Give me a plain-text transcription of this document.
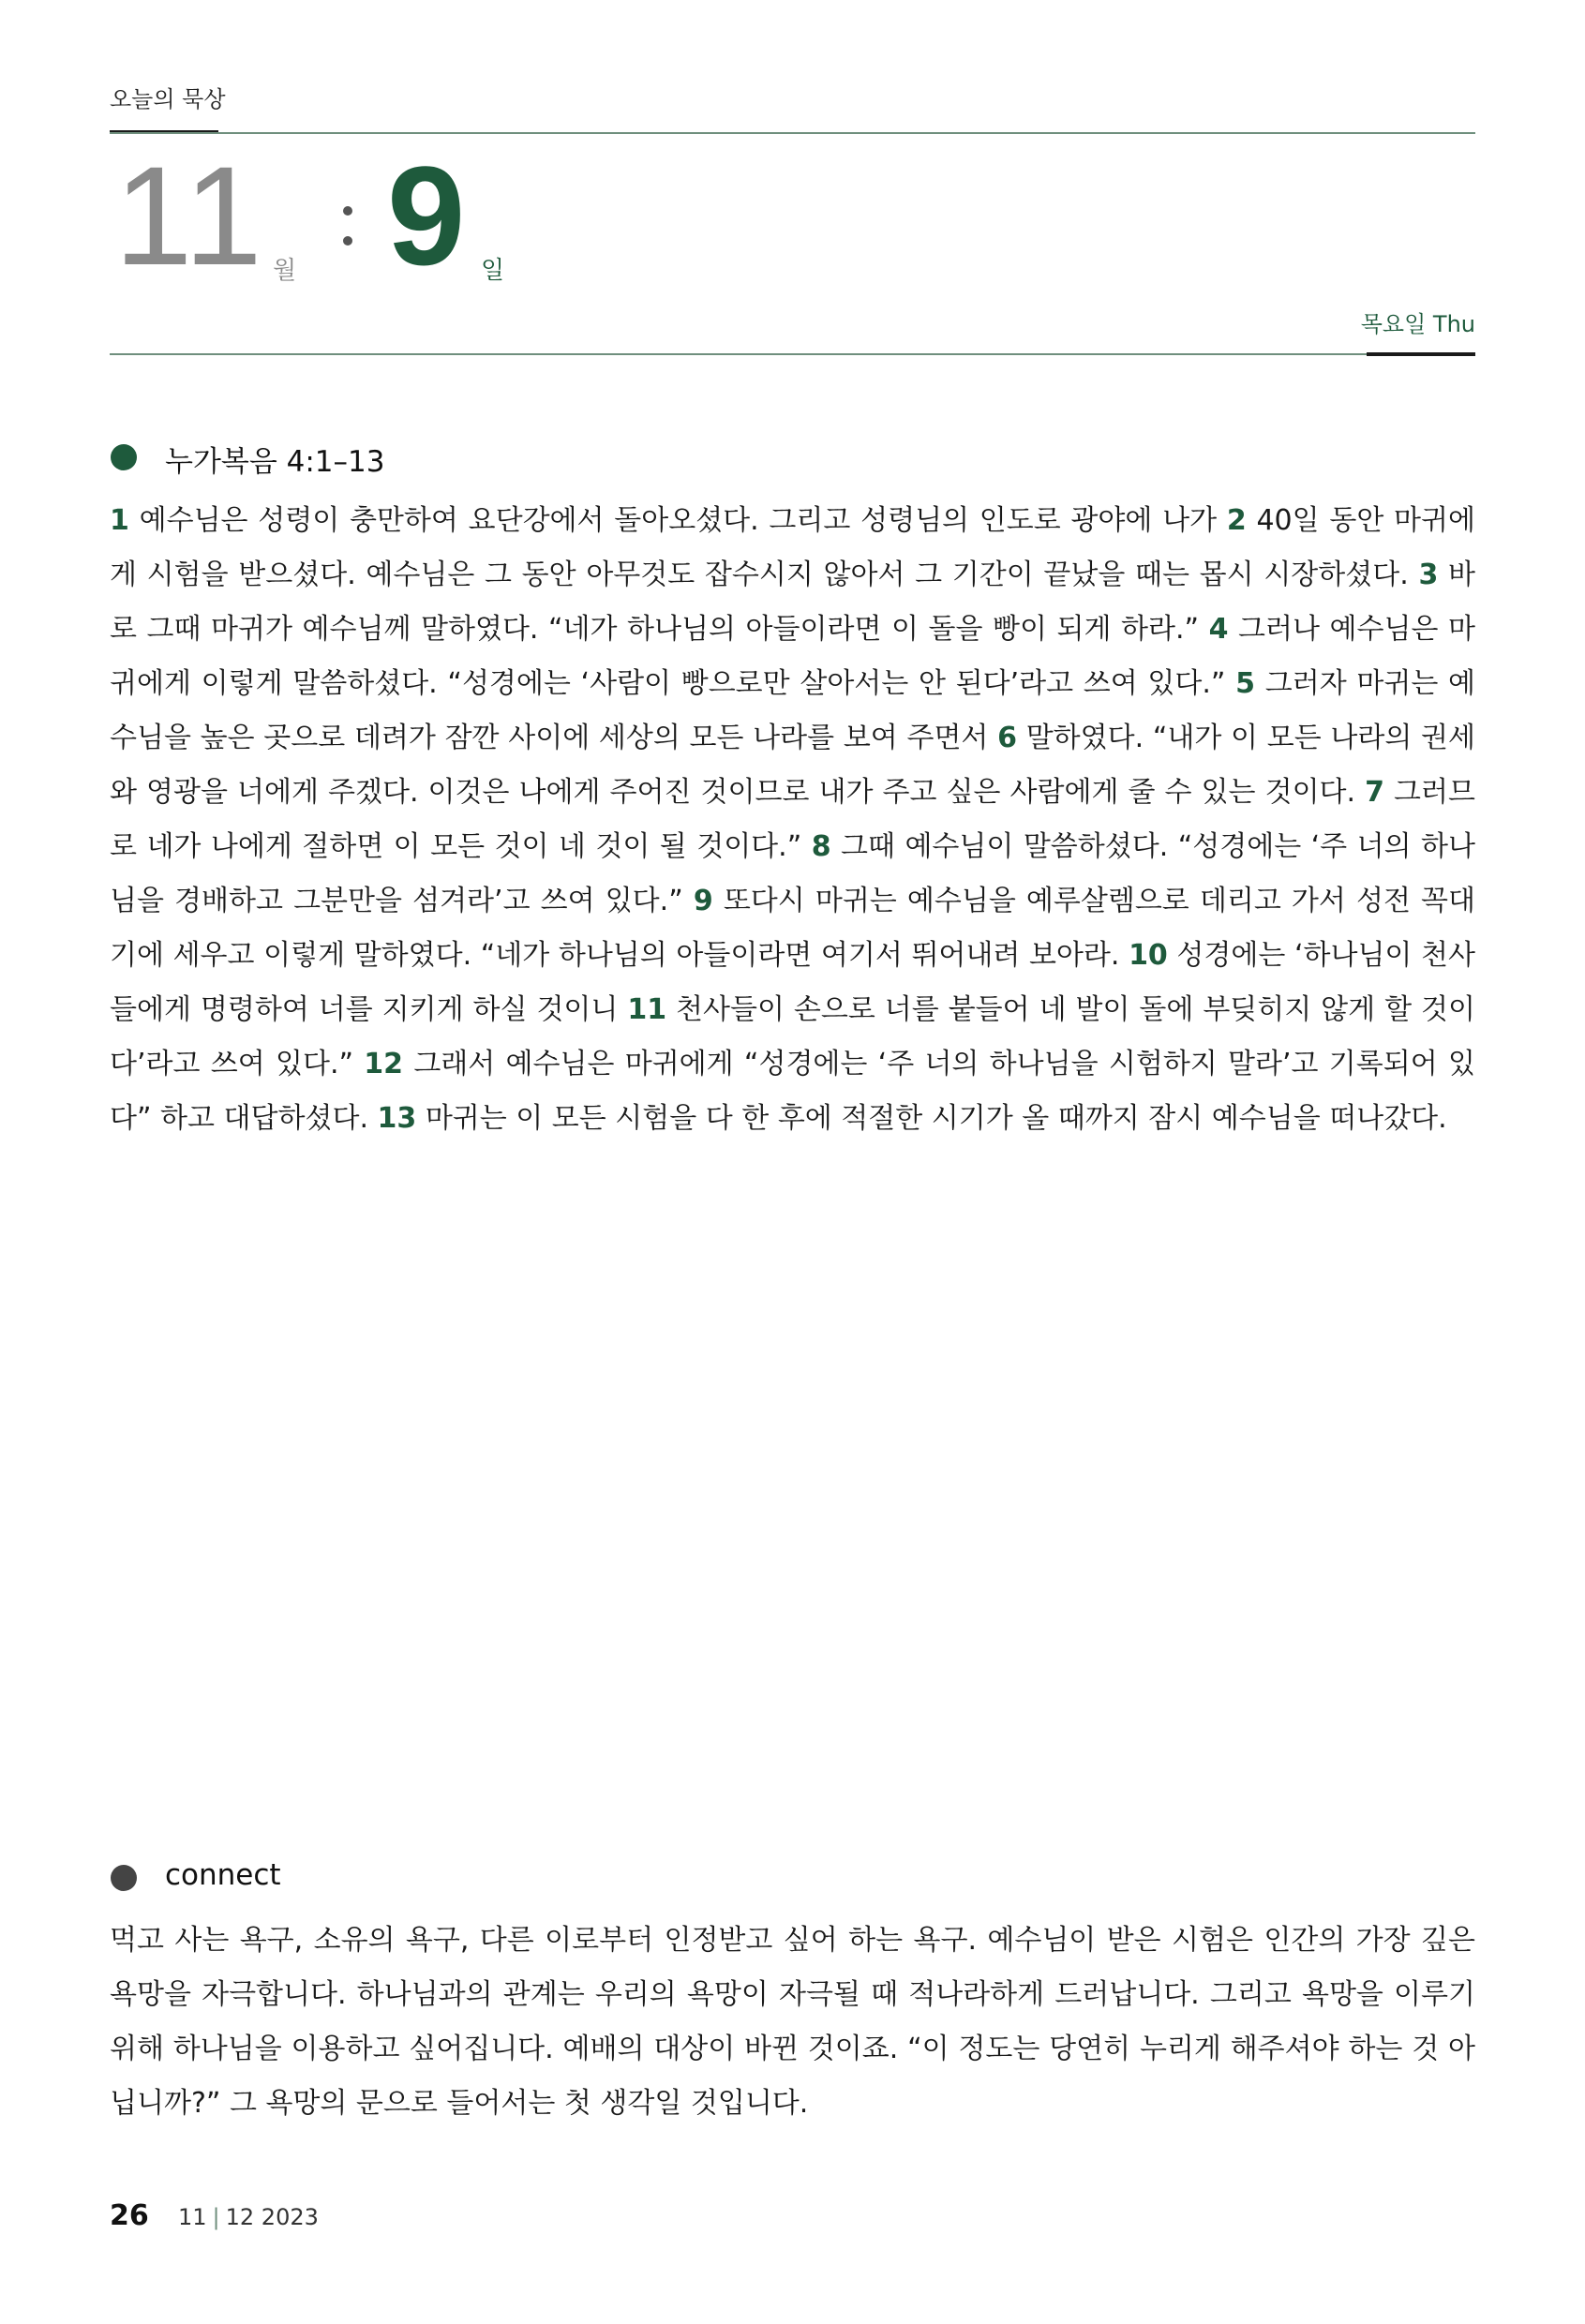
오늘의 묵상
11 월 9 일
목요일 Thu
누가복음 4:1–13

1 예수님은 성령이 충만하여 요단강에서 돌아오셨다. 그리고 성령님의 인도로 광야에 나가 2 40일 동안 마귀에게 시험을 받으셨다. 예수님은 그 동안 아무것도 잡수시지 않아서 그 기간이 끝났을 때는 몹시 시장하셨다. 3 바로 그때 마귀가 예수님께 말하였다. “네가 하나님의 아들이라면 이 돌을 빵이 되게 하라.” 4 그러나 예수님은 마귀에게 이렇게 말씀하셨다. “성경에는 ‘사람이 빵으로만 살아서는 안 된다’라고 쓰여 있다.” 5 그러자 마귀는 예수님을 높은 곳으로 데려가 잠깐 사이에 세상의 모든 나라를 보여 주면서 6 말하였다. “내가 이 모든 나라의 권세와 영광을 너에게 주겠다. 이것은 나에게 주어진 것이므로 내가 주고 싶은 사람에게 줄 수 있는 것이다. 7 그러므로 네가 나에게 절하면 이 모든 것이 네 것이 될 것이다.” 8 그때 예수님이 말씀하셨다. “성경에는 ‘주 너의 하나님을 경배하고 그분만을 섬겨라’고 쓰여 있다.” 9 또다시 마귀는 예수님을 예루살렘으로 데리고 가서 성전 꼭대기에 세우고 이렇게 말하였다. “네가 하나님의 아들이라면 여기서 뛰어내려 보아라. 10 성경에는 ‘하나님이 천사들에게 명령하여 너를 지키게 하실 것이니 11 천사들이 손으로 너를 붙들어 네 발이 돌에 부딪히지 않게 할 것이다’라고 쓰여 있다.” 12 그래서 예수님은 마귀에게 “성경에는 ‘주 너의 하나님을 시험하지 말라’고 기록되어 있다” 하고 대답하셨다. 13 마귀는 이 모든 시험을 다 한 후에 적절한 시기가 올 때까지 잠시 예수님을 떠나갔다.

connect

먹고 사는 욕구, 소유의 욕구, 다른 이로부터 인정받고 싶어 하는 욕구. 예수님이 받은 시험은 인간의 가장 깊은 욕망을 자극합니다. 하나님과의 관계는 우리의 욕망이 자극될 때 적나라하게 드러납니다. 그리고 욕망을 이루기 위해 하나님을 이용하고 싶어집니다. 예배의 대상이 바뀐 것이죠. “이 정도는 당연히 누리게 해주셔야 하는 것 아닙니까?” 그 욕망의 문으로 들어서는 첫 생각일 것입니다.

26 11 | 12 2023
